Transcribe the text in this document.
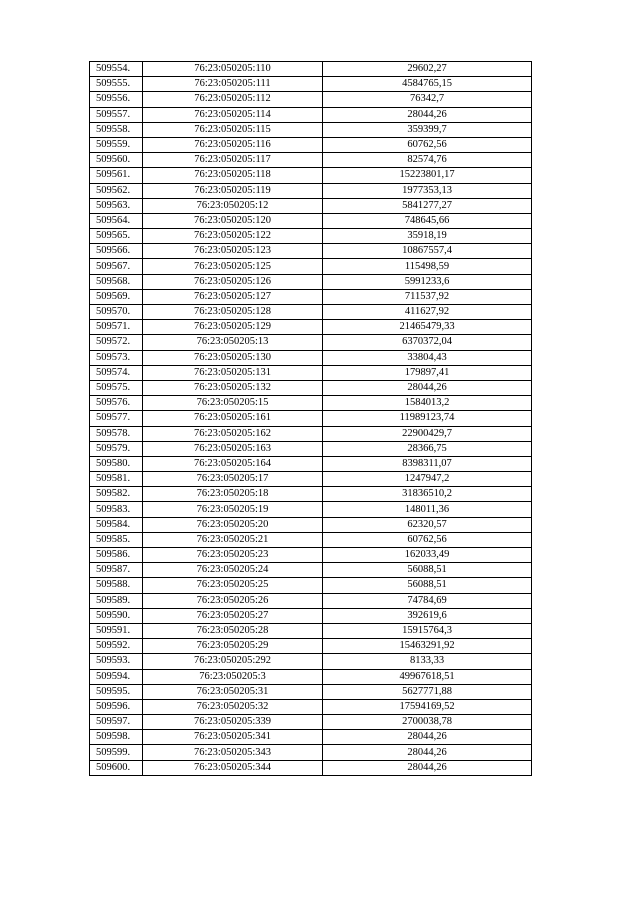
509554.	76:23:050205:110	29602,27
509555.	76:23:050205:111	4584765,15
509556.	76:23:050205:112	76342,7
509557.	76:23:050205:114	28044,26
509558.	76:23:050205:115	359399,7
509559.	76:23:050205:116	60762,56
509560.	76:23:050205:117	82574,76
509561.	76:23:050205:118	15223801,17
509562.	76:23:050205:119	1977353,13
509563.	76:23:050205:12	5841277,27
509564.	76:23:050205:120	748645,66
509565.	76:23:050205:122	35918,19
509566.	76:23:050205:123	10867557,4
509567.	76:23:050205:125	115498,59
509568.	76:23:050205:126	5991233,6
509569.	76:23:050205:127	711537,92
509570.	76:23:050205:128	411627,92
509571.	76:23:050205:129	21465479,33
509572.	76:23:050205:13	6370372,04
509573.	76:23:050205:130	33804,43
509574.	76:23:050205:131	179897,41
509575.	76:23:050205:132	28044,26
509576.	76:23:050205:15	1584013,2
509577.	76:23:050205:161	11989123,74
509578.	76:23:050205:162	22900429,7
509579.	76:23:050205:163	28366,75
509580.	76:23:050205:164	8398311,07
509581.	76:23:050205:17	1247947,2
509582.	76:23:050205:18	31836510,2
509583.	76:23:050205:19	148011,36
509584.	76:23:050205:20	62320,57
509585.	76:23:050205:21	60762,56
509586.	76:23:050205:23	162033,49
509587.	76:23:050205:24	56088,51
509588.	76:23:050205:25	56088,51
509589.	76:23:050205:26	74784,69
509590.	76:23:050205:27	392619,6
509591.	76:23:050205:28	15915764,3
509592.	76:23:050205:29	15463291,92
509593.	76:23:050205:292	8133,33
509594.	76:23:050205:3	49967618,51
509595.	76:23:050205:31	5627771,88
509596.	76:23:050205:32	17594169,52
509597.	76:23:050205:339	2700038,78
509598.	76:23:050205:341	28044,26
509599.	76:23:050205:343	28044,26
509600.	76:23:050205:344	28044,26
